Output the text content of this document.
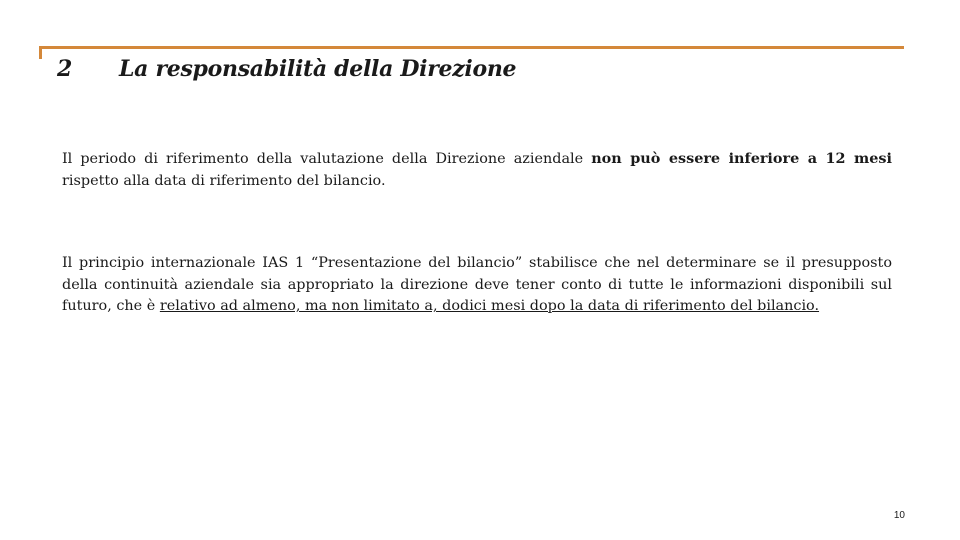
2 La responsabilità della Direzione

Il periodo di riferimento della valutazione della Direzione aziendale non può essere inferiore a 12 mesi rispetto alla data di riferimento del bilancio.

Il principio internazionale IAS 1 “Presentazione del bilancio” stabilisce che nel determinare se il presupposto della continuità aziendale sia appropriato la direzione deve tener conto di tutte le informazioni disponibili sul futuro, che è relativo ad almeno, ma non limitato a, dodici mesi dopo la data di riferimento del bilancio.

10
